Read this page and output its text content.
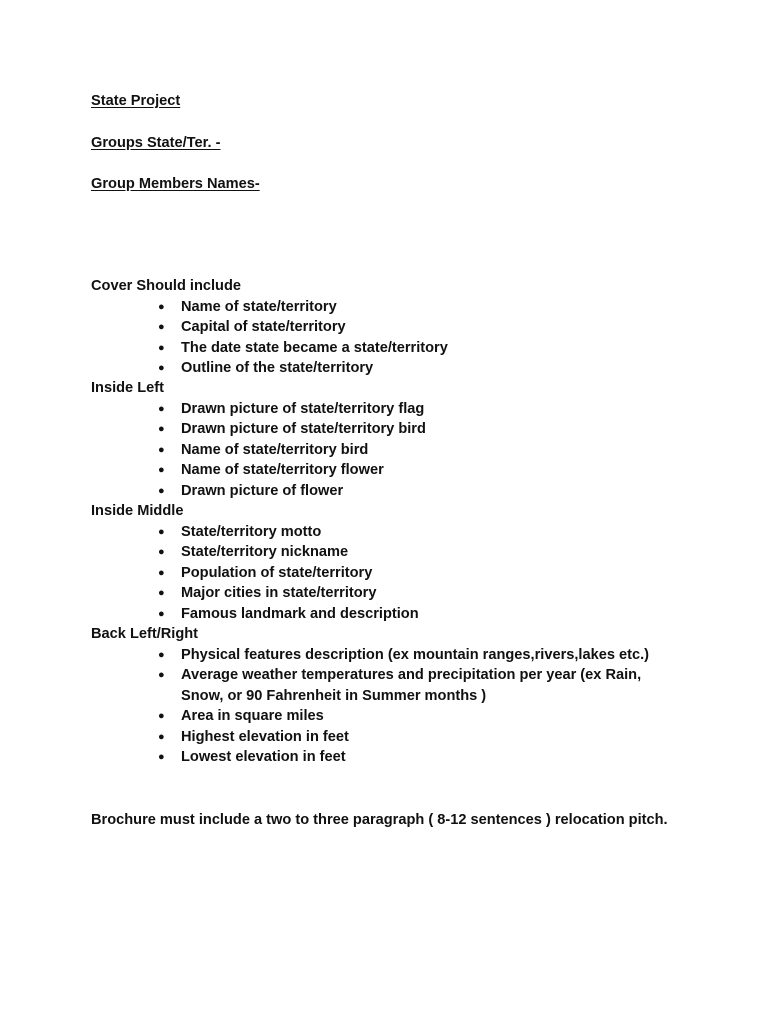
State Project
Groups State/Ter. -
Group Members Names-
Cover Should include
● Name of state/territory
● Capital of state/territory
● The date state became a state/territory
● Outline of the state/territory
Inside Left
● Drawn picture of state/territory flag
● Drawn picture of state/territory bird
● Name of state/territory bird
● Name of state/territory flower
● Drawn picture of flower
Inside Middle
● State/territory motto
● State/territory nickname
● Population of state/territory
● Major cities in state/territory
● Famous landmark and description
Back Left/Right
● Physical features description (ex mountain ranges,rivers,lakes etc.)
● Average weather temperatures and precipitation per year (ex Rain, Snow, or 90 Fahrenheit in Summer months )
● Area in square miles
● Highest elevation in feet
● Lowest elevation in feet
Brochure must include a two to three paragraph ( 8-12 sentences ) relocation pitch.
